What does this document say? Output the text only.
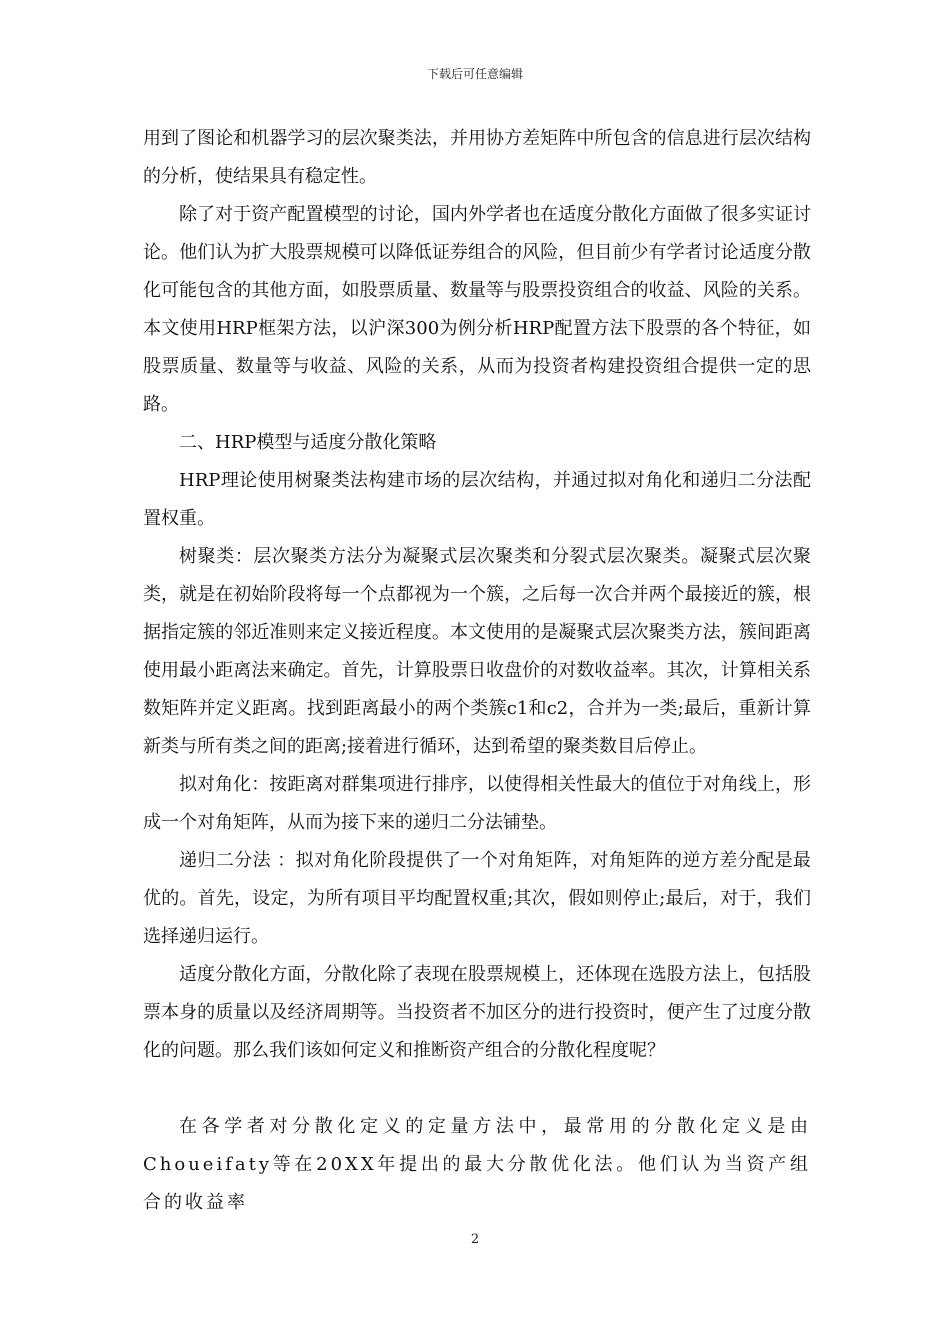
下载后可任意编辑

用到了图论和机器学习的层次聚类法，并用协方差矩阵中所包含的信息进行层次结构的分析，使结果具有稳定性。

除了对于资产配置模型的讨论，国内外学者也在适度分散化方面做了很多实证讨论。他们认为扩大股票规模可以降低证券组合的风险，但目前少有学者讨论适度分散化可能包含的其他方面，如股票质量、数量等与股票投资组合的收益、风险的关系。本文使用HRP框架方法，以沪深300为例分析HRP配置方法下股票的各个特征，如股票质量、数量等与收益、风险的关系，从而为投资者构建投资组合提供一定的思路。

二、HRP模型与适度分散化策略

HRP理论使用树聚类法构建市场的层次结构，并通过拟对角化和递归二分法配置权重。

树聚类：层次聚类方法分为凝聚式层次聚类和分裂式层次聚类。凝聚式层次聚类，就是在初始阶段将每一个点都视为一个簇，之后每一次合并两个最接近的簇，根据指定簇的邻近准则来定义接近程度。本文使用的是凝聚式层次聚类方法，簇间距离使用最小距离法来确定。首先，计算股票日收盘价的对数收益率。其次，计算相关系数矩阵并定义距离。找到距离最小的两个类簇c1和c2，合并为一类;最后，重新计算新类与所有类之间的距离;接着进行循环，达到希望的聚类数目后停止。

拟对角化：按距离对群集项进行排序，以使得相关性最大的值位于对角线上，形成一个对角矩阵，从而为接下来的递归二分法铺垫。

递归二分法 ：拟对角化阶段提供了一个对角矩阵，对角矩阵的逆方差分配是最优的。首先，设定，为所有项目平均配置权重;其次，假如则停止;最后，对于，我们选择递归运行。

适度分散化方面，分散化除了表现在股票规模上，还体现在选股方法上，包括股票本身的质量以及经济周期等。当投资者不加区分的进行投资时，便产生了过度分散化的问题。那么我们该如何定义和推断资产组合的分散化程度呢？

在各学者对分散化定义的定量方法中，最常用的分散化定义是由Choueifaty等在20XX年提出的最大分散优化法。他们认为当资产组合的收益率

2
